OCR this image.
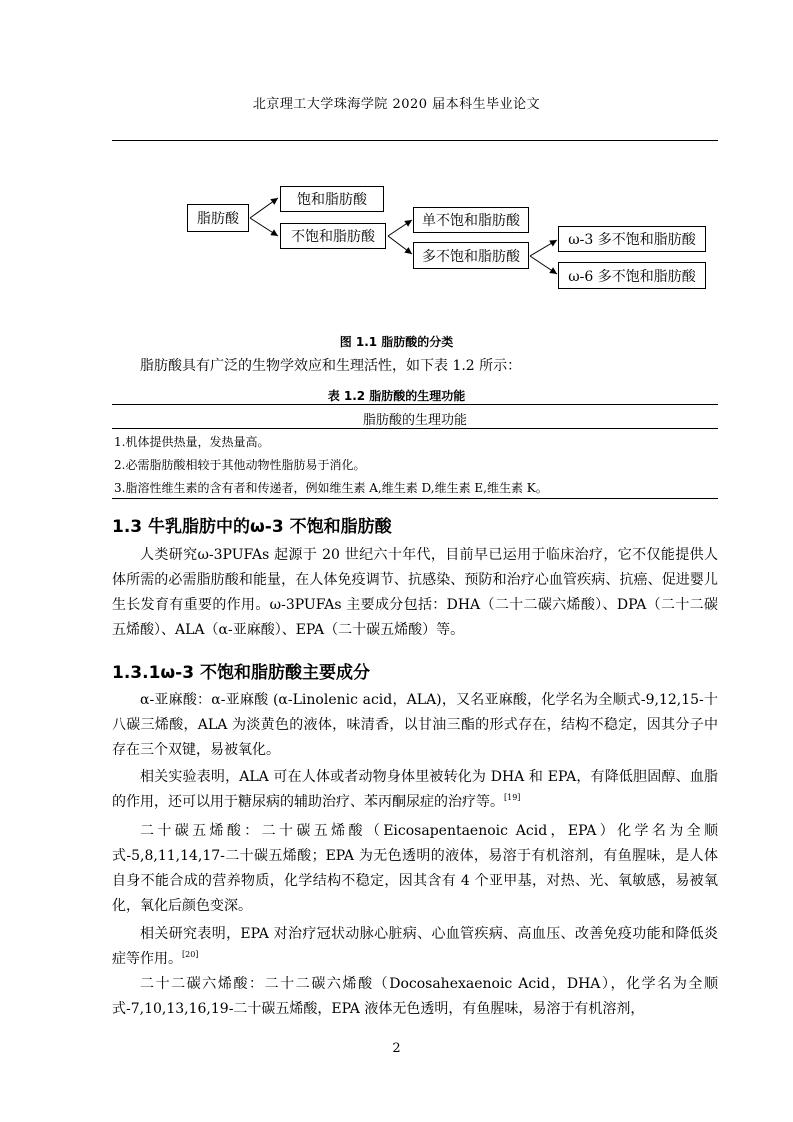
北京理工大学珠海学院 2020 届本科生毕业论文
脂肪酸
饱和脂肪酸
不饱和脂肪酸
单不饱和脂肪酸
多不饱和脂肪酸
ω-3 多不饱和脂肪酸
ω-6 多不饱和脂肪酸
图 1.1 脂肪酸的分类
脂肪酸具有广泛的生物学效应和生理活性，如下表 1.2 所示：
表 1.2 脂肪酸的生理功能
脂肪酸的生理功能
1.机体提供热量，发热量高。
2.必需脂肪酸相较于其他动物性脂肪易于消化。
3.脂溶性维生素的含有者和传递者，例如维生素 A,维生素 D,维生素 E,维生素 K。
1.3 牛乳脂肪中的ω-3 不饱和脂肪酸
人类研究ω-3PUFAs 起源于 20 世纪六十年代，目前早已运用于临床治疗，它不仅能提供人体所需的必需脂肪酸和能量，在人体免疫调节、抗感染、预防和治疗心血管疾病、抗癌、促进婴儿生长发育有重要的作用。ω-3PUFAs 主要成分包括：DHA（二十二碳六烯酸）、DPA（二十二碳五烯酸）、ALA（α-亚麻酸）、EPA（二十碳五烯酸）等。
1.3.1ω-3 不饱和脂肪酸主要成分
α-亚麻酸：α-亚麻酸 (α-Linolenic acid，ALA)，又名亚麻酸，化学名为全顺式-9,12,15-十八碳三烯酸，ALA 为淡黄色的液体，味清香，以甘油三酯的形式存在，结构不稳定，因其分子中存在三个双键，易被氧化。
相关实验表明，ALA 可在人体或者动物身体里被转化为 DHA 和 EPA，有降低胆固醇、血脂的作用，还可以用于糖尿病的辅助治疗、苯丙酮尿症的治疗等。[19]
二十碳五烯酸：二十碳五烯酸（Eicosapentaenoic Acid，EPA）化学名为全顺式-5,8,11,14,17-二十碳五烯酸；EPA 为无色透明的液体，易溶于有机溶剂，有鱼腥味，是人体自身不能合成的营养物质，化学结构不稳定，因其含有 4 个亚甲基，对热、光、氧敏感，易被氧化，氧化后颜色变深。
相关研究表明，EPA 对治疗冠状动脉心脏病、心血管疾病、高血压、改善免疫功能和降低炎症等作用。[20]
二十二碳六烯酸：二十二碳六烯酸（Docosahexaenoic Acid，DHA），化学名为全顺式-7,10,13,16,19-二十碳五烯酸，EPA 液体无色透明，有鱼腥味，易溶于有机溶剂，
2
